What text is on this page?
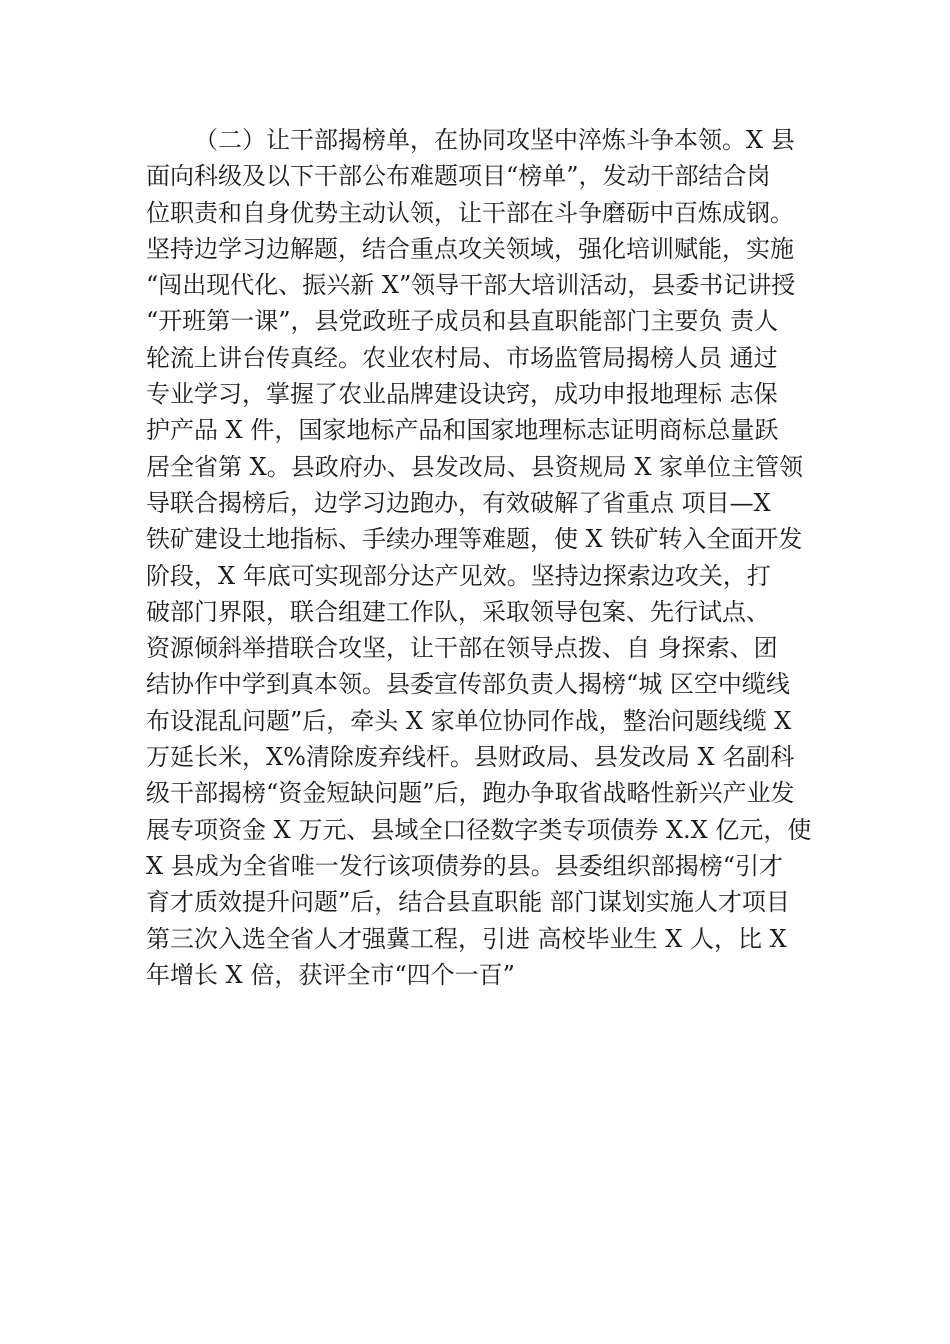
（二）让干部揭榜单，在协同攻坚中淬炼斗争本领。X 县
面向科级及以下干部公布难题项目“榜单”，发动干部结合岗
位职责和自身优势主动认领，让干部在斗争磨砺中百炼成钢。
坚持边学习边解题，结合重点攻关领域，强化培训赋能，实施
“闯出现代化、振兴新 X”领导干部大培训活动，县委书记讲授
“开班第一课”，县党政班子成员和县直职能部门主要负 责人
轮流上讲台传真经。农业农村局、市场监管局揭榜人员 通过
专业学习，掌握了农业品牌建设诀窍，成功申报地理标 志保
护产品 X 件，国家地标产品和国家地理标志证明商标总量跃
居全省第 X。县政府办、县发改局、县资规局 X 家单位主管领
导联合揭榜后，边学习边跑办，有效破解了省重点 项目—X
铁矿建设土地指标、手续办理等难题，使 X 铁矿转入全面开发
阶段，X 年底可实现部分达产见效。坚持边探索边攻关，打
破部门界限，联合组建工作队，采取领导包案、先行试点、
资源倾斜举措联合攻坚，让干部在领导点拨、自 身探索、团
结协作中学到真本领。县委宣传部负责人揭榜“城 区空中缆线
布设混乱问题”后，牵头 X 家单位协同作战，整治问题线缆 X
万延长米，X%清除废弃线杆。县财政局、县发改局 X 名副科
级干部揭榜“资金短缺问题”后，跑办争取省战略性新兴产业发
展专项资金 X 万元、县域全口径数字类专项债券 X.X 亿元，使
X 县成为全省唯一发行该项债券的县。县委组织部揭榜“引才
育才质效提升问题”后，结合县直职能 部门谋划实施人才项目
第三次入选全省人才强冀工程，引进 高校毕业生 X 人，比 X
年增长 X 倍，获评全市“四个一百”
